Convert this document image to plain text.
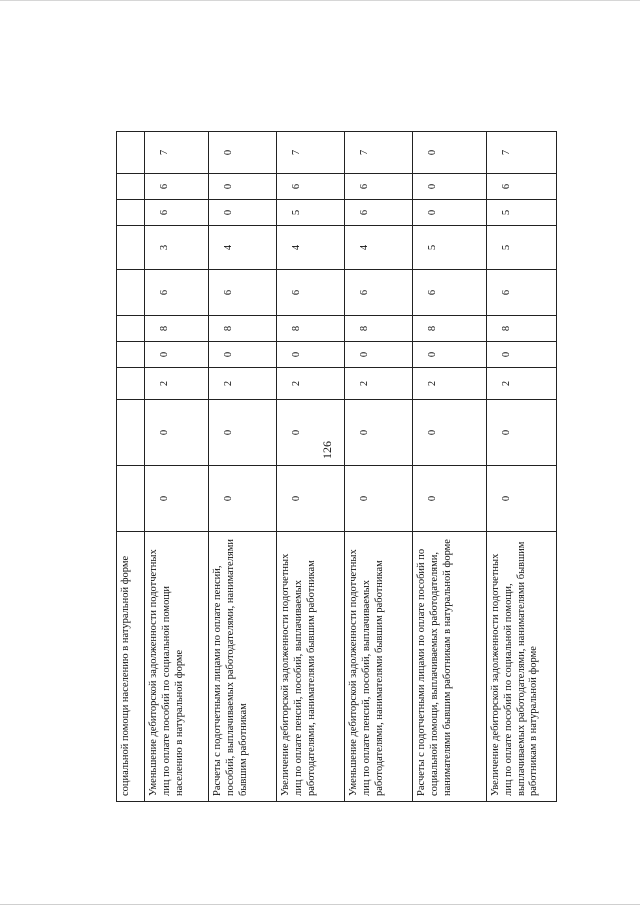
126
социальной помощи населению в натуральной форме										
Уменьшение дебиторской задолженности подотчетных лиц по оплате пособий по социальной помощи населению в натуральной форме	0	0	2	0	8	6	3	6	6	7
Расчеты с подотчетными лицами по оплате пенсий, пособий, выплачиваемых работодателями, нанимателями бывшим работникам	0	0	2	0	8	6	4	0	0	0
Увеличение дебиторской задолженности подотчетных лиц по оплате пенсий, пособий, выплачиваемых работодателями, нанимателями бывшим работникам	0	0	2	0	8	6	4	5	6	7
Уменьшение дебиторской задолженности подотчетных лиц по оплате пенсий, пособий, выплачиваемых работодателями, нанимателями бывшим работникам	0	0	2	0	8	6	4	6	6	7
Расчеты с подотчетными лицами по оплате пособий по социальной помощи, выплачиваемых работодателями, нанимателями бывшим работникам в натуральной форме	0	0	2	0	8	6	5	0	0	0
Увеличение дебиторской задолженности подотчетных лиц по оплате пособий по социальной помощи, выплачиваемых работодателями, нанимателями бывшим работникам в натуральной форме	0	0	2	0	8	6	5	5	6	7
